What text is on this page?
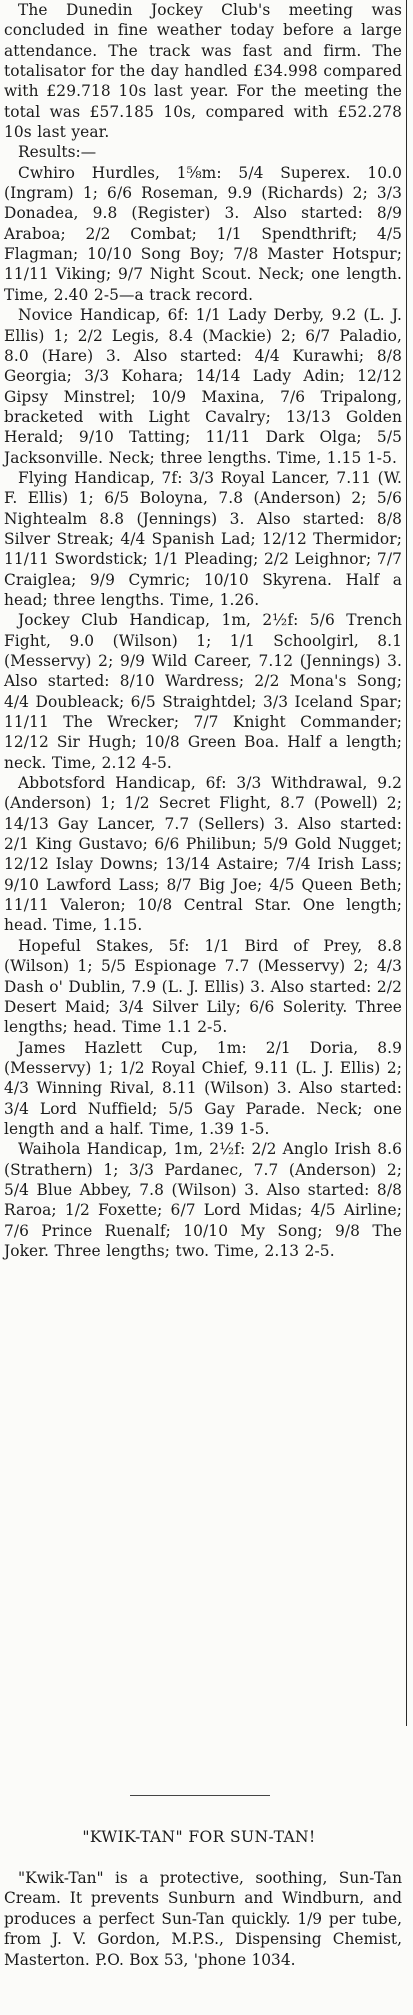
The Dunedin Jockey Club's meeting was concluded in fine weather today before a large attendance. The track was fast and firm. The totalisator for the day handled £34.998 compared with £29.718 10s last year. For the meeting the total was £57.185 10s, compared with £52.278 10s last year.

Results:—

Cwhiro Hurdles, 1⅝m: 5/4 Superex. 10.0 (Ingram) 1; 6/6 Roseman, 9.9 (Richards) 2; 3/3 Donadea, 9.8 (Register) 3. Also started: 8/9 Araboa; 2/2 Combat; 1/1 Spendthrift; 4/5 Flagman; 10/10 Song Boy; 7/8 Master Hotspur; 11/11 Viking; 9/7 Night Scout. Neck; one length. Time, 2.40 2-5—a track record.

Novice Handicap, 6f: 1/1 Lady Derby, 9.2 (L. J. Ellis) 1; 2/2 Legis, 8.4 (Mackie) 2; 6/7 Paladio, 8.0 (Hare) 3. Also started: 4/4 Kurawhi; 8/8 Georgia; 3/3 Kohara; 14/14 Lady Adin; 12/12 Gipsy Minstrel; 10/9 Maxina, 7/6 Tripalong, bracketed with Light Cavalry; 13/13 Golden Herald; 9/10 Tatting; 11/11 Dark Olga; 5/5 Jacksonville. Neck; three lengths. Time, 1.15 1-5.

Flying Handicap, 7f: 3/3 Royal Lancer, 7.11 (W. F. Ellis) 1; 6/5 Boloyna, 7.8 (Anderson) 2; 5/6 Nightealm 8.8 (Jennings) 3. Also started: 8/8 Silver Streak; 4/4 Spanish Lad; 12/12 Thermidor; 11/11 Swordstick; 1/1 Pleading; 2/2 Leighnor; 7/7 Craiglea; 9/9 Cymric; 10/10 Skyrena. Half a head; three lengths. Time, 1.26.

Jockey Club Handicap, 1m, 2½f: 5/6 Trench Fight, 9.0 (Wilson) 1; 1/1 Schoolgirl, 8.1 (Messervy) 2; 9/9 Wild Career, 7.12 (Jennings) 3. Also started: 8/10 Wardress; 2/2 Mona's Song; 4/4 Doubleack; 6/5 Straightdel; 3/3 Iceland Spar; 11/11 The Wrecker; 7/7 Knight Commander; 12/12 Sir Hugh; 10/8 Green Boa. Half a length; neck. Time, 2.12 4-5.

Abbotsford Handicap, 6f: 3/3 Withdrawal, 9.2 (Anderson) 1; 1/2 Secret Flight, 8.7 (Powell) 2; 14/13 Gay Lancer, 7.7 (Sellers) 3. Also started: 2/1 King Gustavo; 6/6 Philibun; 5/9 Gold Nugget; 12/12 Islay Downs; 13/14 Astaire; 7/4 Irish Lass; 9/10 Lawford Lass; 8/7 Big Joe; 4/5 Queen Beth; 11/11 Valeron; 10/8 Central Star. One length; head. Time, 1.15.

Hopeful Stakes, 5f: 1/1 Bird of Prey, 8.8 (Wilson) 1; 5/5 Espionage 7.7 (Messervy) 2; 4/3 Dash o' Dublin, 7.9 (L. J. Ellis) 3. Also started: 2/2 Desert Maid; 3/4 Silver Lily; 6/6 Solerity. Three lengths; head. Time 1.1 2-5.

James Hazlett Cup, 1m: 2/1 Doria, 8.9 (Messervy) 1; 1/2 Royal Chief, 9.11 (L. J. Ellis) 2; 4/3 Winning Rival, 8.11 (Wilson) 3. Also started: 3/4 Lord Nuffield; 5/5 Gay Parade. Neck; one length and a half. Time, 1.39 1-5.

Waihola Handicap, 1m, 2½f: 2/2 Anglo Irish 8.6 (Strathern) 1; 3/3 Pardanec, 7.7 (Anderson) 2; 5/4 Blue Abbey, 7.8 (Wilson) 3. Also started: 8/8 Raroa; 1/2 Foxette; 6/7 Lord Midas; 4/5 Airline; 7/6 Prince Ruenalf; 10/10 My Song; 9/8 The Joker. Three lengths; two. Time, 2.13 2-5.

"KWIK-TAN" FOR SUN-TAN!

"Kwik-Tan" is a protective, soothing, Sun-Tan Cream. It prevents Sunburn and Windburn, and produces a perfect Sun-Tan quickly. 1/9 per tube, from J. V. Gordon, M.P.S., Dispensing Chemist, Masterton. P.O. Box 53, 'phone 1034.
